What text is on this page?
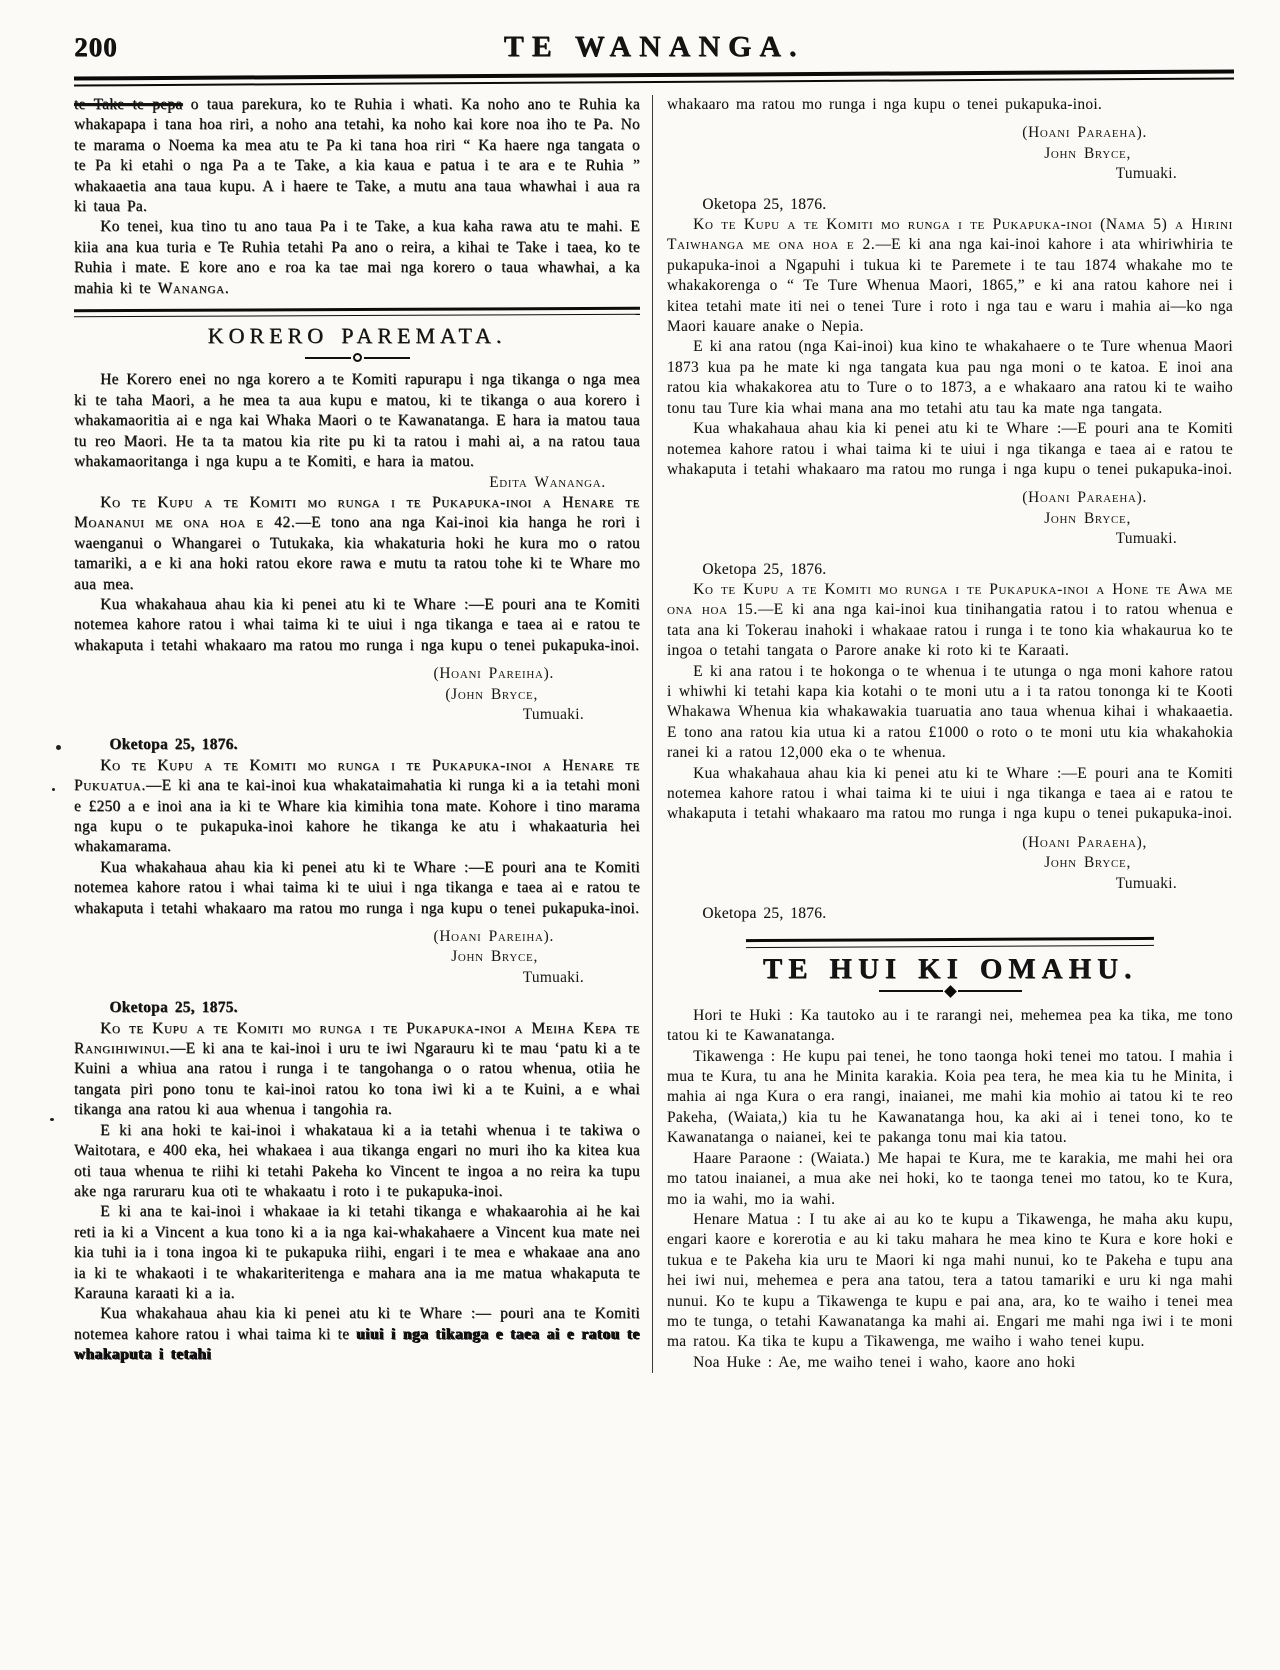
200	TE WANANGA.

te Take te pepa o taua parekura, ko te Ruhia i whati. Ka noho ano te Ruhia ka whakapapa i tana hoa riri, a noho ana tetahi, ka noho kai kore noa iho te Pa. No te marama o Noema ka mea atu te Pa ki tana hoa riri “ Ka haere nga tangata o te Pa ki etahi o nga Pa a te Take, a kia kaua e patua i te ara e te Ruhia ” whakaaetia ana taua kupu. A i haere te Take, a mutu ana taua whawhai i aua ra ki taua Pa.

Ko tenei, kua tino tu ano taua Pa i te Take, a kua kaha rawa atu te mahi. E kiia ana kua turia e Te Ruhia tetahi Pa ano o reira, a kihai te Take i taea, ko te Ruhia i mate. E kore ano e roa ka tae mai nga korero o taua whawhai, a ka mahia ki te Wananga.

KORERO PAREMATA.

He Korero enei no nga korero a te Komiti rapurapu i nga tikanga o nga mea ki te taha Maori, a he mea ta aua kupu e matou, ki te tikanga o aua korero i whakamaoritia ai e nga kai Whaka Maori o te Kawanatanga. E hara ia matou taua tu reo Maori. He ta ta matou kia rite pu ki ta ratou i mahi ai, a na ratou taua whakamaoritanga i nga kupu a te Komiti, e hara ia matou.

Edita Wananga.

Ko te Kupu a te Komiti mo runga i te Pukapuka-inoi a Henare te Moananui me ona hoa e 42.—E tono ana nga Kai-inoi kia hanga he rori i waenganui o Whangarei o Tutukaka, kia whakaturia hoki he kura mo o ratou tamariki, a e ki ana hoki ratou ekore rawa e mutu ta ratou tohe ki te Whare mo aua mea.

Kua whakahaua ahau kia ki penei atu ki te Whare :—E pouri ana te Komiti notemea kahore ratou i whai taima ki te uiui i nga tikanga e taea ai e ratou te whakaputa i tetahi whakaaro ma ratou mo runga i nga kupu o tenei pukapuka-inoi.

(Hoani Pareiha).

(John Bryce,

Tumuaki.

Oketopa 25, 1876.

Ko te Kupu a te Komiti mo runga i te Pukapuka-inoi a Henare te Pukuatua.—E ki ana te kai-inoi kua whakataimahatia ki runga ki a ia tetahi moni e £250 a e inoi ana ia ki te Whare kia kimihia tona mate. Kohore i tino marama nga kupu o te pukapuka-inoi kahore he tikanga ke atu i whakaaturia hei whakamarama.

Kua whakahaua ahau kia ki penei atu ki te Whare :—E pouri ana te Komiti notemea kahore ratou i whai taima ki te uiui i nga tikanga e taea ai e ratou te whakaputa i tetahi whakaaro ma ratou mo runga i nga kupu o tenei pukapuka-inoi.

(Hoani Pareiha).

John Bryce,

Tumuaki.

Oketopa 25, 1875.

Ko te Kupu a te Komiti mo runga i te Pukapuka-inoi a Meiha Kepa te Rangihiwinui.—E ki ana te kai-inoi i uru te iwi Ngarauru ki te mau ‘patu ki a te Kuini a whiua ana ratou i runga i te tangohanga o o ratou whenua, otiia he tangata piri pono tonu te kai-inoi ratou ko tona iwi ki a te Kuini, a e whai tikanga ana ratou ki aua whenua i tangohia ra.

E ki ana hoki te kai-inoi i whakataua ki a ia tetahi whenua i te takiwa o Waitotara, e 400 eka, hei whakaea i aua tikanga engari no muri iho ka kitea kua oti taua whenua te riihi ki tetahi Pakeha ko Vincent te ingoa a no reira ka tupu ake nga raruraru kua oti te whakaatu i roto i te pukapuka-inoi.

E ki ana te kai-inoi i whakaae ia ki tetahi tikanga e whakaarohia ai he kai reti ia ki a Vincent a kua tono ki a ia nga kai-whakahaere a Vincent kua mate nei kia tuhi ia i tona ingoa ki te pukapuka riihi, engari i te mea e whakaae ana ano ia ki te whakaoti i te whakariteritenga e mahara ana ia me matua whakaputa te Karauna karaati ki a ia.

Kua whakahaua ahau kia ki penei atu ki te Whare :— pouri ana te Komiti notemea kahore ratou i whai taima ki te uiui i nga tikanga e taea ai e ratou te whakaputa i tetahi

whakaaro ma ratou mo runga i nga kupu o tenei pukapuka-inoi.

(Hoani Paraeha).

John Bryce,

Tumuaki.

Oketopa 25, 1876.

Ko te Kupu a te Komiti mo runga i te Pukapuka-inoi (Nama 5) a Hirini Taiwhanga me ona hoa e 2.—E ki ana nga kai-inoi kahore i ata whiriwhiria te pukapuka-inoi a Ngapuhi i tukua ki te Paremete i te tau 1874 whakahe mo te whakakorenga o “ Te Ture Whenua Maori, 1865,” e ki ana ratou kahore nei i kitea tetahi mate iti nei o tenei Ture i roto i nga tau e waru i mahia ai—ko nga Maori kauare anake o Nepia.

E ki ana ratou (nga Kai-inoi) kua kino te whakahaere o te Ture whenua Maori 1873 kua pa he mate ki nga tangata kua pau nga moni o te katoa. E inoi ana ratou kia whakakorea atu to Ture o to 1873, a e whakaaro ana ratou ki te waiho tonu tau Ture kia whai mana ana mo tetahi atu tau ka mate nga tangata.

Kua whakahaua ahau kia ki penei atu ki te Whare :—E pouri ana te Komiti notemea kahore ratou i whai taima ki te uiui i nga tikanga e taea ai e ratou te whakaputa i tetahi whakaaro ma ratou mo runga i nga kupu o tenei pukapuka-inoi.

(Hoani Paraeha).

John Bryce,

Tumuaki.

Oketopa 25, 1876.

Ko te Kupu a te Komiti mo runga i te Pukapuka-inoi a Hone te Awa me ona hoa 15.—E ki ana nga kai-inoi kua tinihangatia ratou i to ratou whenua e tata ana ki Tokerau inahoki i whakaae ratou i runga i te tono kia whakaurua ko te ingoa o tetahi tangata o Parore anake ki roto ki te Karaati.

E ki ana ratou i te hokonga o te whenua i te utunga o nga moni kahore ratou i whiwhi ki tetahi kapa kia kotahi o te moni utu a i ta ratou tononga ki te Kooti Whakawa Whenua kia whakawakia tuaruatia ano taua whenua kihai i whakaaetia. E tono ana ratou kia utua ki a ratou £1000 o roto o te moni utu kia whakahokia ranei ki a ratou 12,000 eka o te whenua.

Kua whakahaua ahau kia ki penei atu ki te Whare :—E pouri ana te Komiti notemea kahore ratou i whai taima ki te uiui i nga tikanga e taea ai e ratou te whakaputa i tetahi whakaaro ma ratou mo runga i nga kupu o tenei pukapuka-inoi.

(Hoani Paraeha),

John Bryce,

Tumuaki.

Oketopa 25, 1876.

TE HUI KI OMAHU.

Hori te Huki : Ka tautoko au i te rarangi nei, mehemea pea ka tika, me tono tatou ki te Kawanatanga.

Tikawenga : He kupu pai tenei, he tono taonga hoki tenei mo tatou. I mahia i mua te Kura, tu ana he Minita karakia. Koia pea tera, he mea kia tu he Minita, i mahia ai nga Kura o era rangi, inaianei, me mahi kia mohio ai tatou ki te reo Pakeha, (Waiata,) kia tu he Kawanatanga hou, ka aki ai i tenei tono, ko te Kawanatanga o naianei, kei te pakanga tonu mai kia tatou.

Haare Paraone : (Waiata.) Me hapai te Kura, me te karakia, me mahi hei ora mo tatou inaianei, a mua ake nei hoki, ko te taonga tenei mo tatou, ko te Kura, mo ia wahi, mo ia wahi.

Henare Matua : I tu ake ai au ko te kupu a Tikawenga, he maha aku kupu, engari kaore e korerotia e au ki taku mahara he mea kino te Kura e kore hoki e tukua e te Pakeha kia uru te Maori ki nga mahi nunui, ko te Pakeha e tupu ana hei iwi nui, mehemea e pera ana tatou, tera a tatou tamariki e uru ki nga mahi nunui. Ko te kupu a Tikawenga te kupu e pai ana, ara, ko te waiho i tenei mea mo te tunga, o tetahi Kawanatanga ka mahi ai. Engari me mahi nga iwi i te moni ma ratou. Ka tika te kupu a Tikawenga, me waiho i waho tenei kupu.

Noa Huke : Ae, me waiho tenei i waho, kaore ano hoki
